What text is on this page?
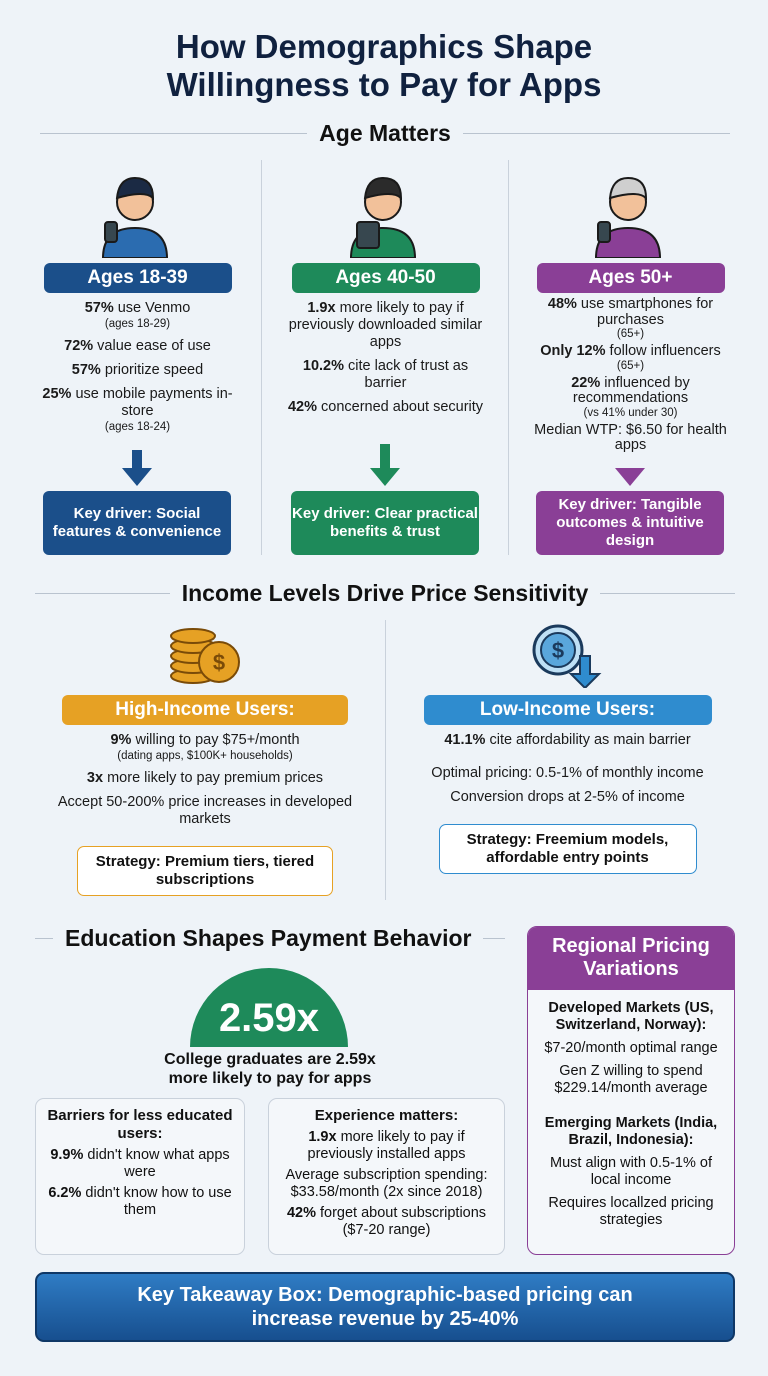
How Demographics Shape
Willingness to Pay for Apps
Age Matters
Ages 18-39
57% use Venmo
(ages 18-29)
72% value ease of use
57% prioritize speed
25% use mobile payments in-store
(ages 18-24)
Key driver: Social features & convenience
Ages 40-50
1.9x more likely to pay if previously downloaded similar apps
10.2% cite lack of trust as barrier
42% concerned about security
Key driver: Clear practical benefits & trust
Ages 50+
48% use smartphones for purchases
(65+)
Only 12% follow influencers
(65+)
22% influenced by recommendations
(vs 41% under 30)
Median WTP: $6.50 for health apps
Key driver: Tangible outcomes & intuitive design
Income Levels Drive Price Sensitivity
$	$
High-Income Users:
9% willing to pay $75+/month
(dating apps, $100K+ households)
3x more likely to pay premium prices
Accept 50-200% price increases in developed markets
Strategy: Premium tiers, tiered subscriptions
Low-Income Users:
41.1% cite affordability as main barrier
Optimal pricing: 0.5-1% of monthly income
Conversion drops at 2-5% of income
Strategy: Freemium models, affordable entry points
Education Shapes Payment Behavior
2.59x
College graduates are 2.59x more likely to pay for apps
Barriers for less educated users:

9.9% didn't know what apps were

6.2% didn't know how to use them

Experience matters:

1.9x more likely to pay if previously installed apps

Average subscription spending: $33.58/month (2x since 2018)

42% forget about subscriptions ($7-20 range)

Regional Pricing Variations
Developed Markets (US, Switzerland, Norway):
$7-20/month optimal range
Gen Z willing to spend $229.14/month average
Emerging Markets (India, Brazil, Indonesia):
Must align with 0.5-1% of local income
Requires locallzed pricing strategies
Key Takeaway Box: Demographic-based pricing can increase revenue by 25-40%
